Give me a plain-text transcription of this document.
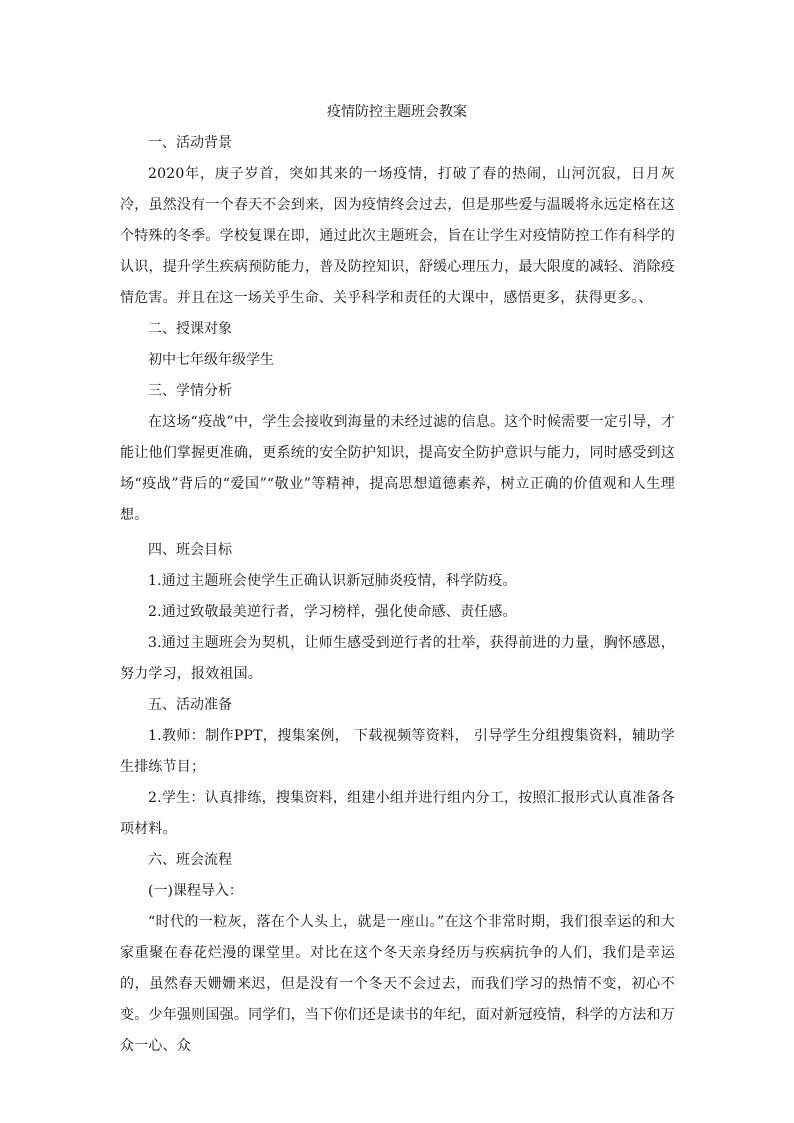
疫情防控主题班会教案

一、活动背景

2020年，庚子岁首，突如其来的一场疫情，打破了春的热闹，山河沉寂，日月灰冷，虽然没有一个春天不会到来，因为疫情终会过去，但是那些爱与温暖将永远定格在这个特殊的冬季。学校复课在即，通过此次主题班会，旨在让学生对疫情防控工作有科学的认识，提升学生疾病预防能力，普及防控知识，舒缓心理压力，最大限度的减轻、消除疫情危害。并且在这一场关乎生命、关乎科学和责任的大课中，感悟更多，获得更多。、

二、授课对象

初中七年级年级学生

三、学情分析

在这场“疫战”中，学生会接收到海量的未经过滤的信息。这个时候需要一定引导，才能让他们掌握更准确，更系统的安全防护知识，提高安全防护意识与能力，同时感受到这场“疫战”背后的“爱国”“敬业”等精神，提高思想道德素养，树立正确的价值观和人生理想。

四、班会目标

1.通过主题班会使学生正确认识新冠肺炎疫情，科学防疫。

2.通过致敬最美逆行者，学习榜样，强化使命感、责任感。

3.通过主题班会为契机，让师生感受到逆行者的壮举，获得前进的力量，胸怀感恩，努力学习，报效祖国。

五、活动准备

1.教师：制作PPT，搜集案例， 下载视频等资料， 引导学生分组搜集资料，辅助学生排练节目；

2.学生：认真排练，搜集资料，组建小组并进行组内分工，按照汇报形式认真准备各项材料。

六、班会流程

(一)课程导入：

“时代的一粒灰，落在个人头上，就是一座山。”在这个非常时期，我们很幸运的和大家重聚在春花烂漫的课堂里。对比在这个冬天亲身经历与疾病抗争的人们，我们是幸运的，虽然春天姗姗来迟，但是没有一个冬天不会过去，而我们学习的热情不变，初心不变。少年强则国强。同学们，当下你们还是读书的年纪，面对新冠疫情，科学的方法和万众一心、众
